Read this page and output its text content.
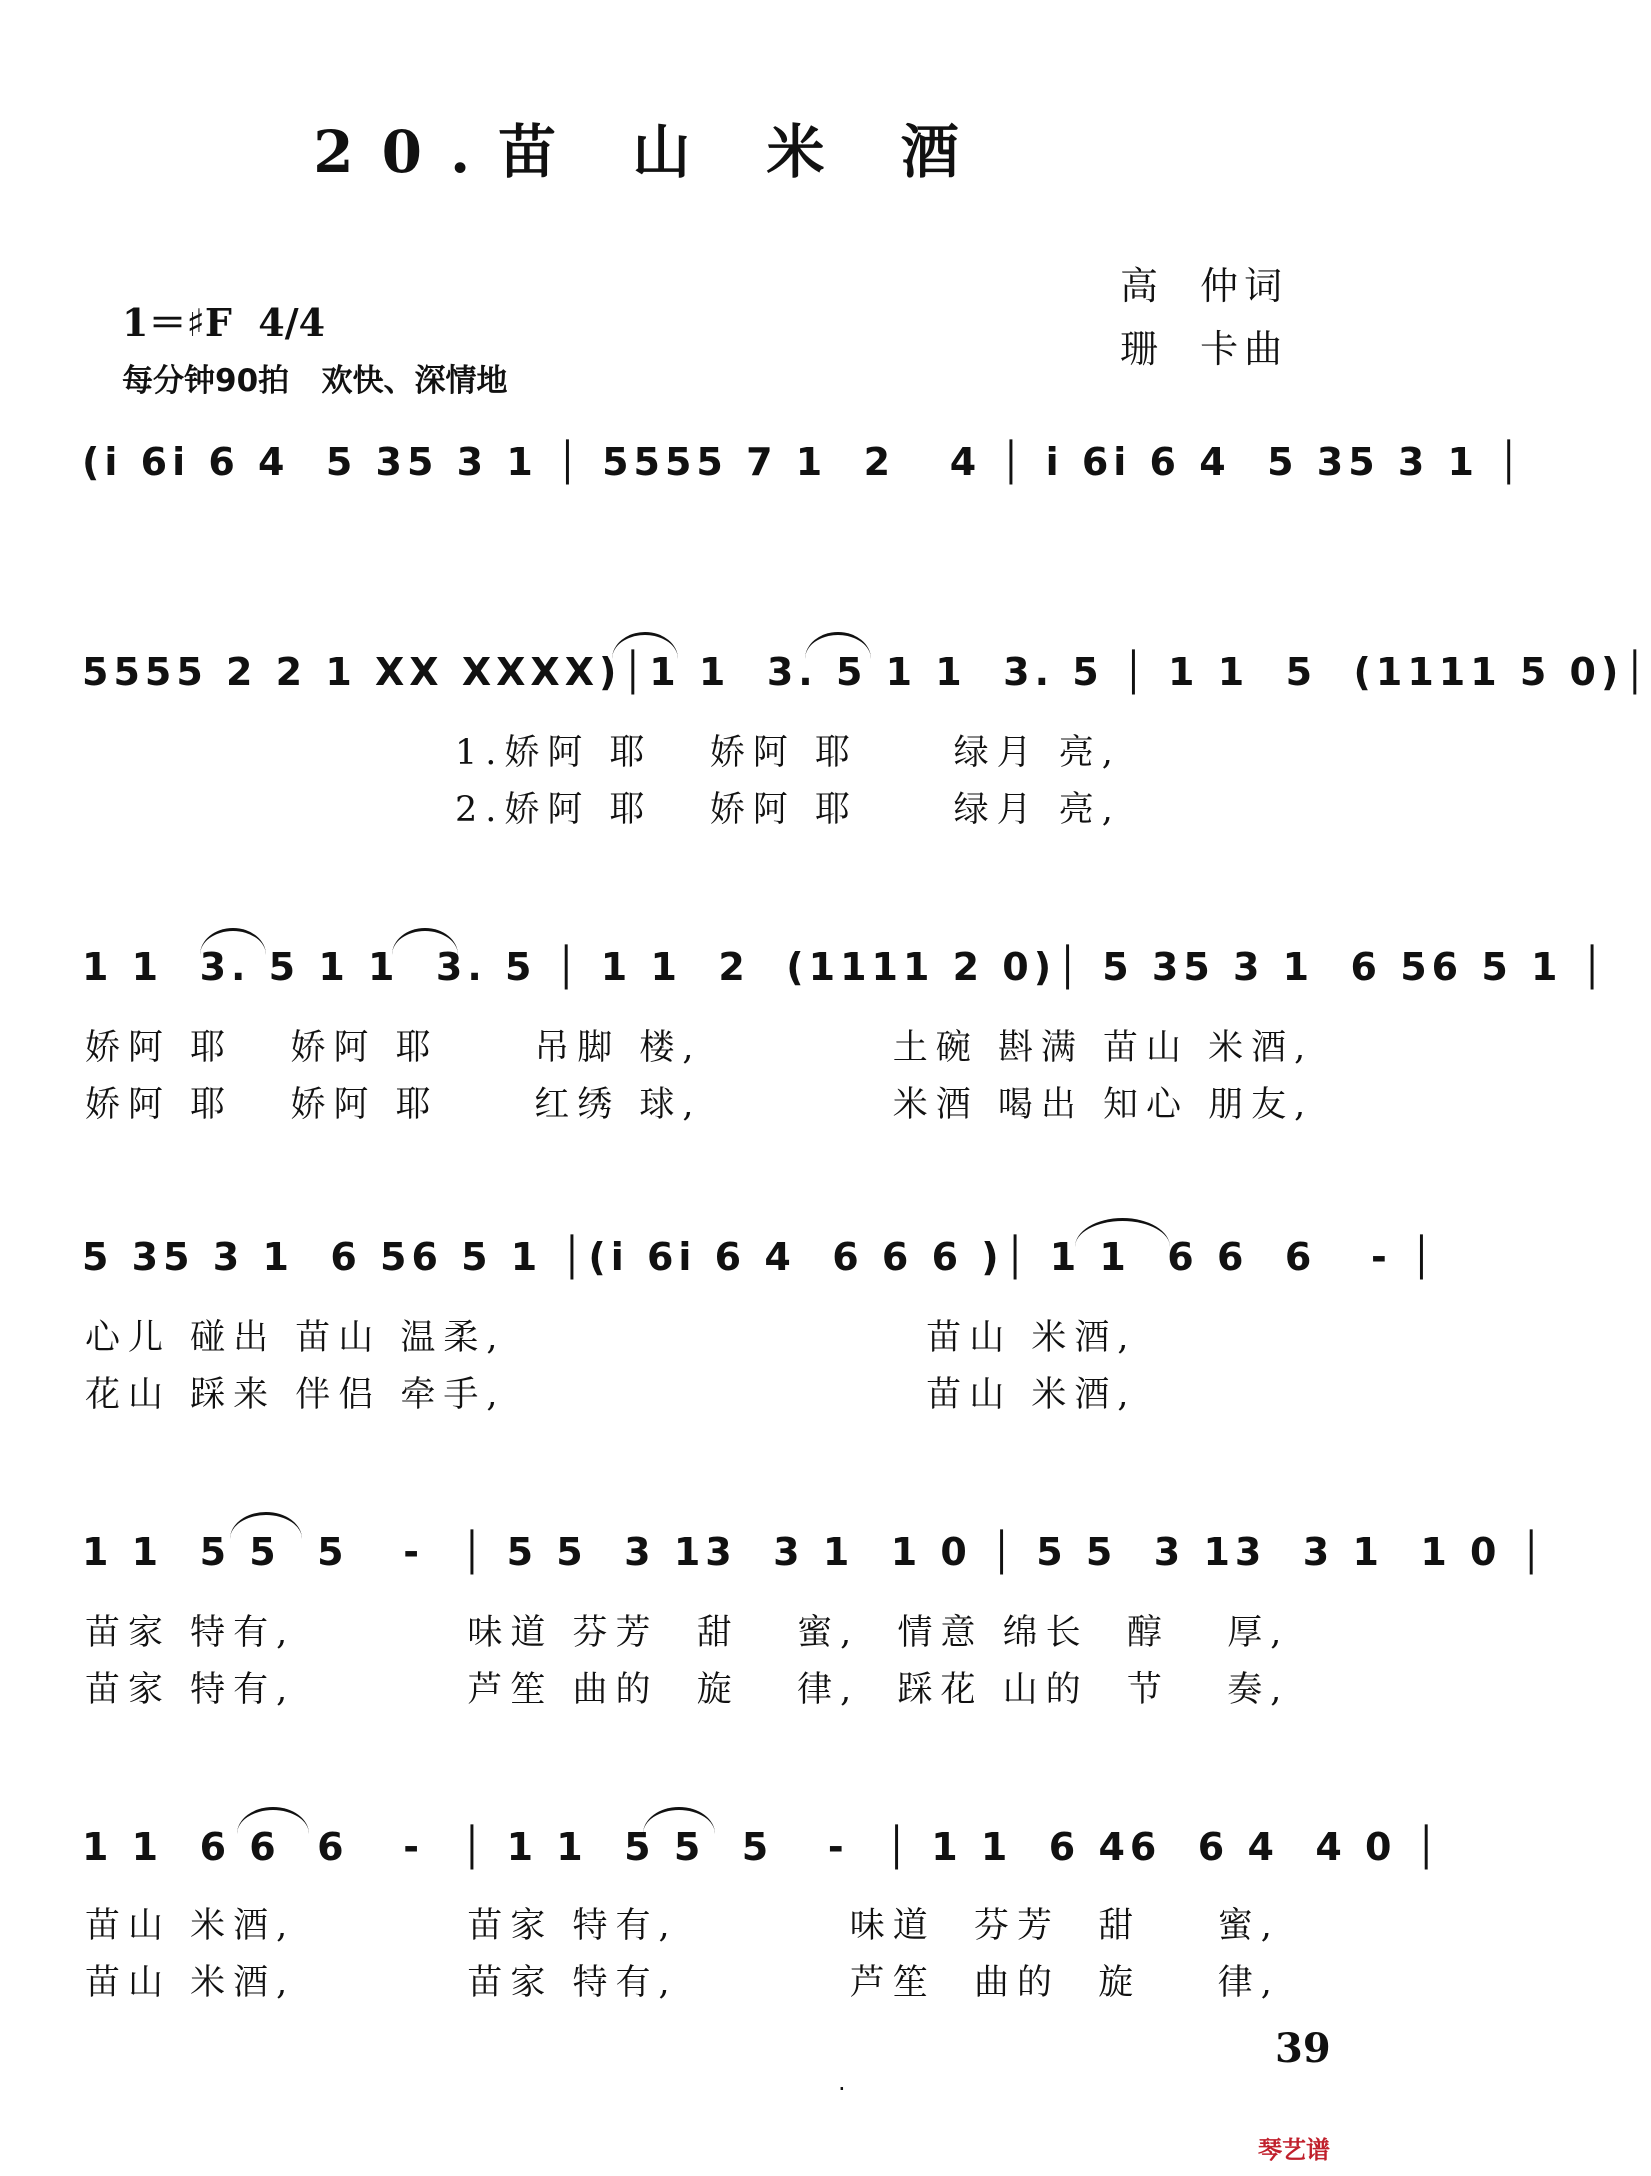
20.苗 山 米 酒
高  仲词
珊  卡曲
1＝♯F  4/4
每分钟90拍   欢快、深情地
(i 6i 6 4  5 35 3 1 │ 5555 7 1  2   4 │ i 6i 6 4  5 35 3 1 │
5555 2 2 1 XX XXXX)│1 1  3. 5 1 1  3. 5 │ 1 1  5  (1111 5 0)│
1.娇阿 耶   娇阿 耶     绿月 亮,
2.娇阿 耶   娇阿 耶     绿月 亮,
1 1  3. 5 1 1  3. 5 │ 1 1  2  (1111 2 0)│ 5 35 3 1  6 56 5 1 │
娇阿 耶   娇阿 耶     吊脚 楼,          土碗 斟满 苗山 米酒,
娇阿 耶   娇阿 耶     红绣 球,          米酒 喝出 知心 朋友,
5 35 3 1  6 56 5 1 │(i 6i 6 4  6 6 6 )│ 1 1  6 6  6   - │
心儿 碰出 苗山 温柔,                      苗山 米酒,
花山 踩来 伴侣 牵手,                      苗山 米酒,
1 1  5 5  5   -  │ 5 5  3 13  3 1  1 0 │ 5 5  3 13  3 1  1 0 │
苗家 特有,         味道 芬芳  甜   蜜,  情意 绵长  醇   厚,
苗家 特有,         芦笙 曲的  旋   律,  踩花 山的  节   奏,
1 1  6 6  6   -  │ 1 1  5 5  5   -  │ 1 1  6 46  6 4  4 0 │
苗山 米酒,         苗家 特有,         味道  芬芳  甜    蜜,
苗山 米酒,         苗家 特有,         芦笙  曲的  旋    律,
39
·
琴艺谱
